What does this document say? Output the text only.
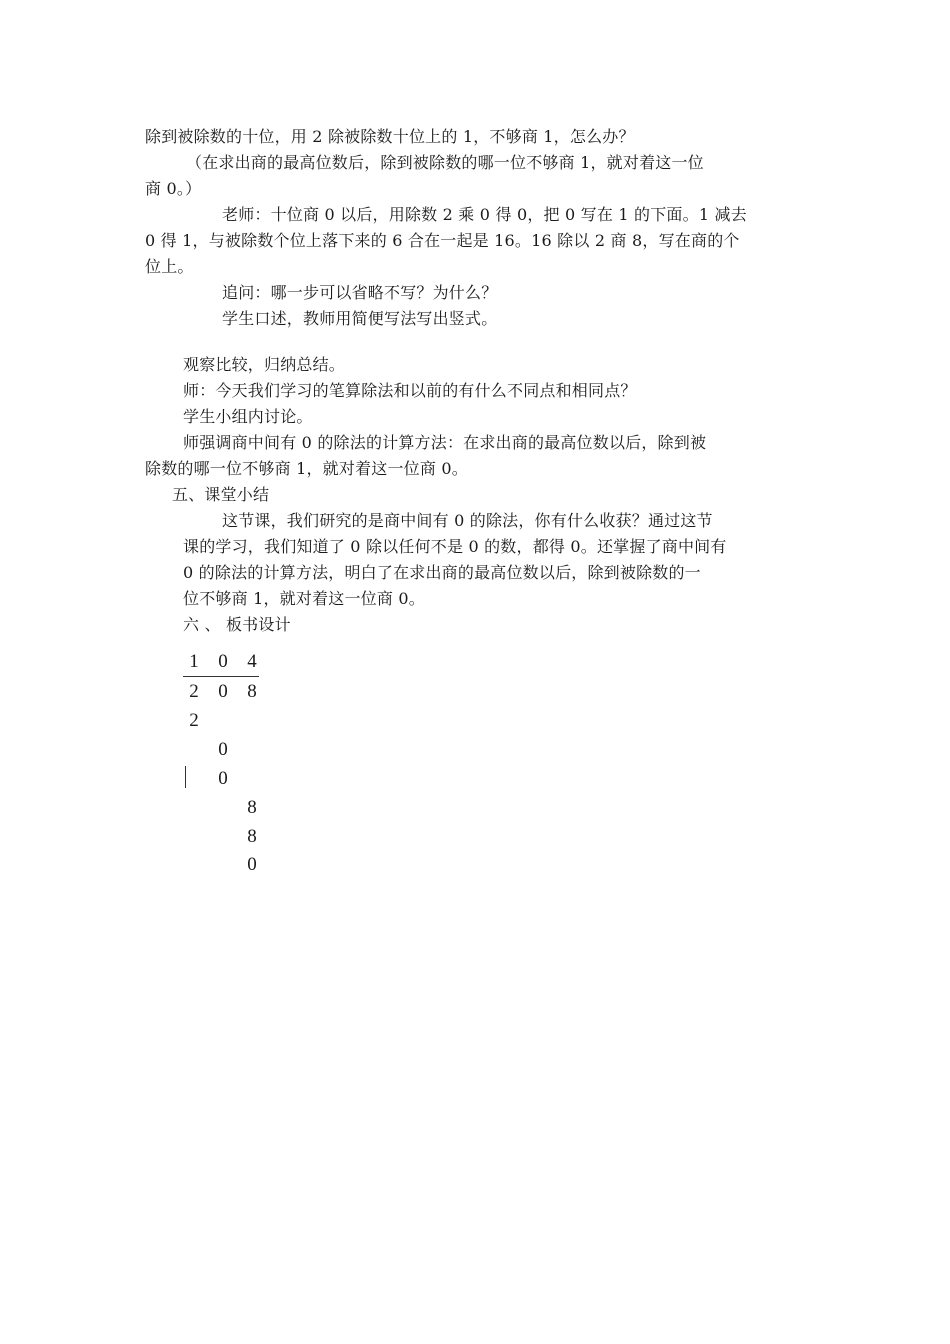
除到被除数的十位，用 2 除被除数十位上的 1，不够商 1，怎么办？
（在求出商的最高位数后，除到被除数的哪一位不够商 1，就对着这一位
商 0。）
老师：十位商 0 以后，用除数 2 乘 0 得 0，把 0 写在 1 的下面。1 减去
0 得 1，与被除数个位上落下来的 6 合在一起是 16。16 除以 2 商 8，写在商的个
位上。
追问：哪一步可以省略不写？为什么？
学生口述，教师用简便写法写出竖式。
观察比较，归纳总结。
师：今天我们学习的笔算除法和以前的有什么不同点和相同点？
学生小组内讨论。
师强调商中间有 0 的除法的计算方法：在求出商的最高位数以后，除到被
除数的哪一位不够商 1，就对着这一位商 0。
五、课堂小结
这节课，我们研究的是商中间有 0 的除法，你有什么收获？通过这节
课的学习，我们知道了 0 除以任何不是 0 的数，都得 0。还掌握了商中间有
0 的除法的计算方法，明白了在求出商的最高位数以后，除到被除数的一
位不够商 1，就对着这一位商 0。
六 、 板书设计
1 0 4
2 0 8
2
0
0
8
8
0
